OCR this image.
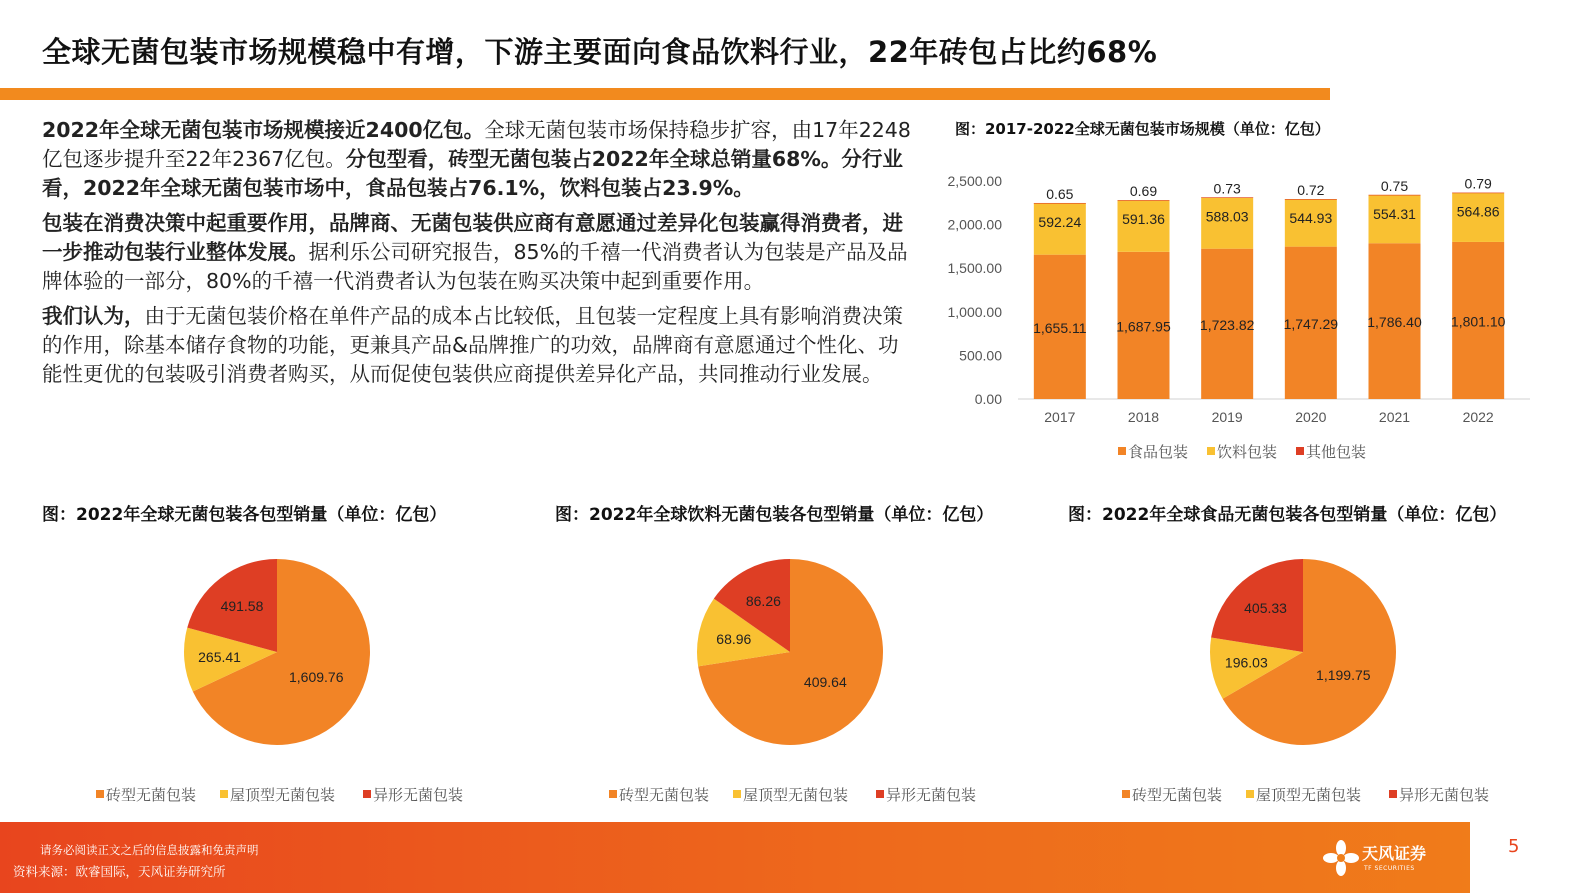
全球无菌包装市场规模稳中有增，下游主要面向食品饮料行业，22年砖包占比约68%

2022年全球无菌包装市场规模接近2400亿包。全球无菌包装市场保持稳步扩容，由17年2248亿包逐步提升至22年2367亿包。分包型看，砖型无菌包装占2022年全球总销量68%。分行业看，2022年全球无菌包装市场中，食品包装占76.1%，饮料包装占23.9%。

包装在消费决策中起重要作用，品牌商、无菌包装供应商有意愿通过差异化包装赢得消费者，进一步推动包装行业整体发展。据利乐公司研究报告，85%的千禧一代消费者认为包装是产品及品牌体验的一部分，80%的千禧一代消费者认为包装在购买决策中起到重要作用。

我们认为，由于无菌包装价格在单件产品的成本占比较低，且包装一定程度上具有影响消费决策的作用，除基本储存食物的功能，更兼具产品&品牌推广的功效，品牌商有意愿通过个性化、功能性更优的包装吸引消费者购买，从而促使包装供应商提供差异化产品，共同推动行业发展。

图：2017-2022全球无菌包装市场规模（单位：亿包）
0.00
500.00
1,000.00
1,500.00
2,000.00
2,500.00
1,655.11
592.24
0.65
2017
1,687.95
591.36
0.69
2018
1,723.82
588.03
0.73
2019
1,747.29
544.93
0.72
2020
1,786.40
554.31
0.75
2021
1,801.10
564.86
0.79
2022
食品包装 饮料包装 其他包装
图：2022年全球无菌包装各包型销量（单位：亿包）	图：2022年全球饮料无菌包装各包型销量（单位：亿包）	图：2022年全球食品无菌包装各包型销量（单位：亿包）
1,609.76
265.41
491.58
砖型无菌包装 屋顶型无菌包装	异形无菌包装
409.64
68.96
86.26
砖型无菌包装 屋顶型无菌包装	异形无菌包装
1,199.75
196.03
405.33
砖型无菌包装 屋顶型无菌包装	异形无菌包装
请务必阅读正文之后的信息披露和免责声明
资料来源：欧睿国际，天风证券研究所
天风证券
TF SECURITIES
5
